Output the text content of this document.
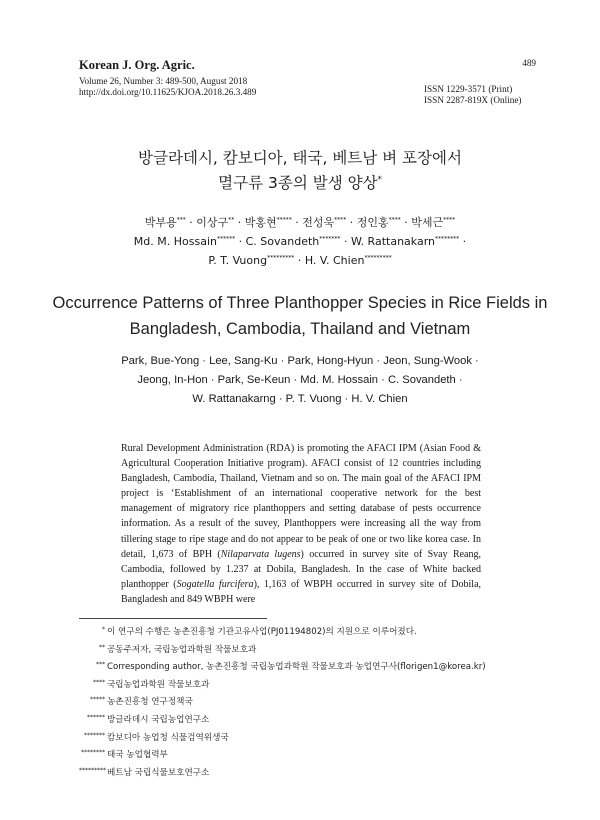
Korean J. Org. Agric.
Volume 26, Number 3: 489-500, August 2018
http://dx.doi.org/10.11625/KJOA.2018.26.3.489
489
ISSN 1229-3571 (Print)
ISSN 2287-819X (Online)
방글라데시, 캄보디아, 태국, 베트남 벼 포장에서
멸구류 3종의 발생 양상*
박부용*** · 이상구** · 박홍현***** · 전성욱**** · 정인홍**** · 박세근****
Md. M. Hossain****** · C. Sovandeth******* · W. Rattanakarn******** ·
P. T. Vuong********* · H. V. Chien*********
Occurrence Patterns of Three Planthopper Species in Rice Fields in
Bangladesh, Cambodia, Thailand and Vietnam
Park, Bue-Yong · Lee, Sang-Ku · Park, Hong-Hyun · Jeon, Sung-Wook ·
Jeong, In-Hon · Park, Se-Keun · Md. M. Hossain · C. Sovandeth ·
W. Rattanakarng · P. T. Vuong · H. V. Chien

Rural Development Administration (RDA) is promoting the AFACI IPM (Asian Food & Agricultural Cooperation Initiative program). AFACI consist of 12 countries including Bangladesh, Cambodia, Thailand, Vietnam and so on. The main goal of the AFACI IPM project is ‘Establishment of an international cooperative network for the best management of migratory rice planthoppers and setting database of pests occurrence information. As a result of the suvey, Planthoppers were increasing all the way from tillering stage to ripe stage and do not appear to be peak of one or two like korea case. In detail, 1,673 of BPH (Nilaparvata lugens) occurred in survey site of Svay Reang, Cambodia, followed by 1.237 at Dobila, Bangladesh. In the case of White backed planthopper (Sogatella furcifera), 1,163 of WBPH occurred in survey site of Dobila, Bangladesh and 849 WBPH were

* 이 연구의 수행은 농촌진흥청 기관고유사업(PJ01194802)의 지원으로 이루어졌다.
** 공동주저자, 국립농업과학원 작물보호과
*** Corresponding author, 농촌진흥청 국립농업과학원 작물보호과 농업연구사(florigen1@korea.kr)
**** 국립농업과학원 작물보호과
***** 농촌진흥청 연구정책국
****** 방글라데시 국립농업연구소
******* 캄보디아 농업청 식물검역위생국
******** 태국 농업협력부
********* 베트남 국립식물보호연구소
